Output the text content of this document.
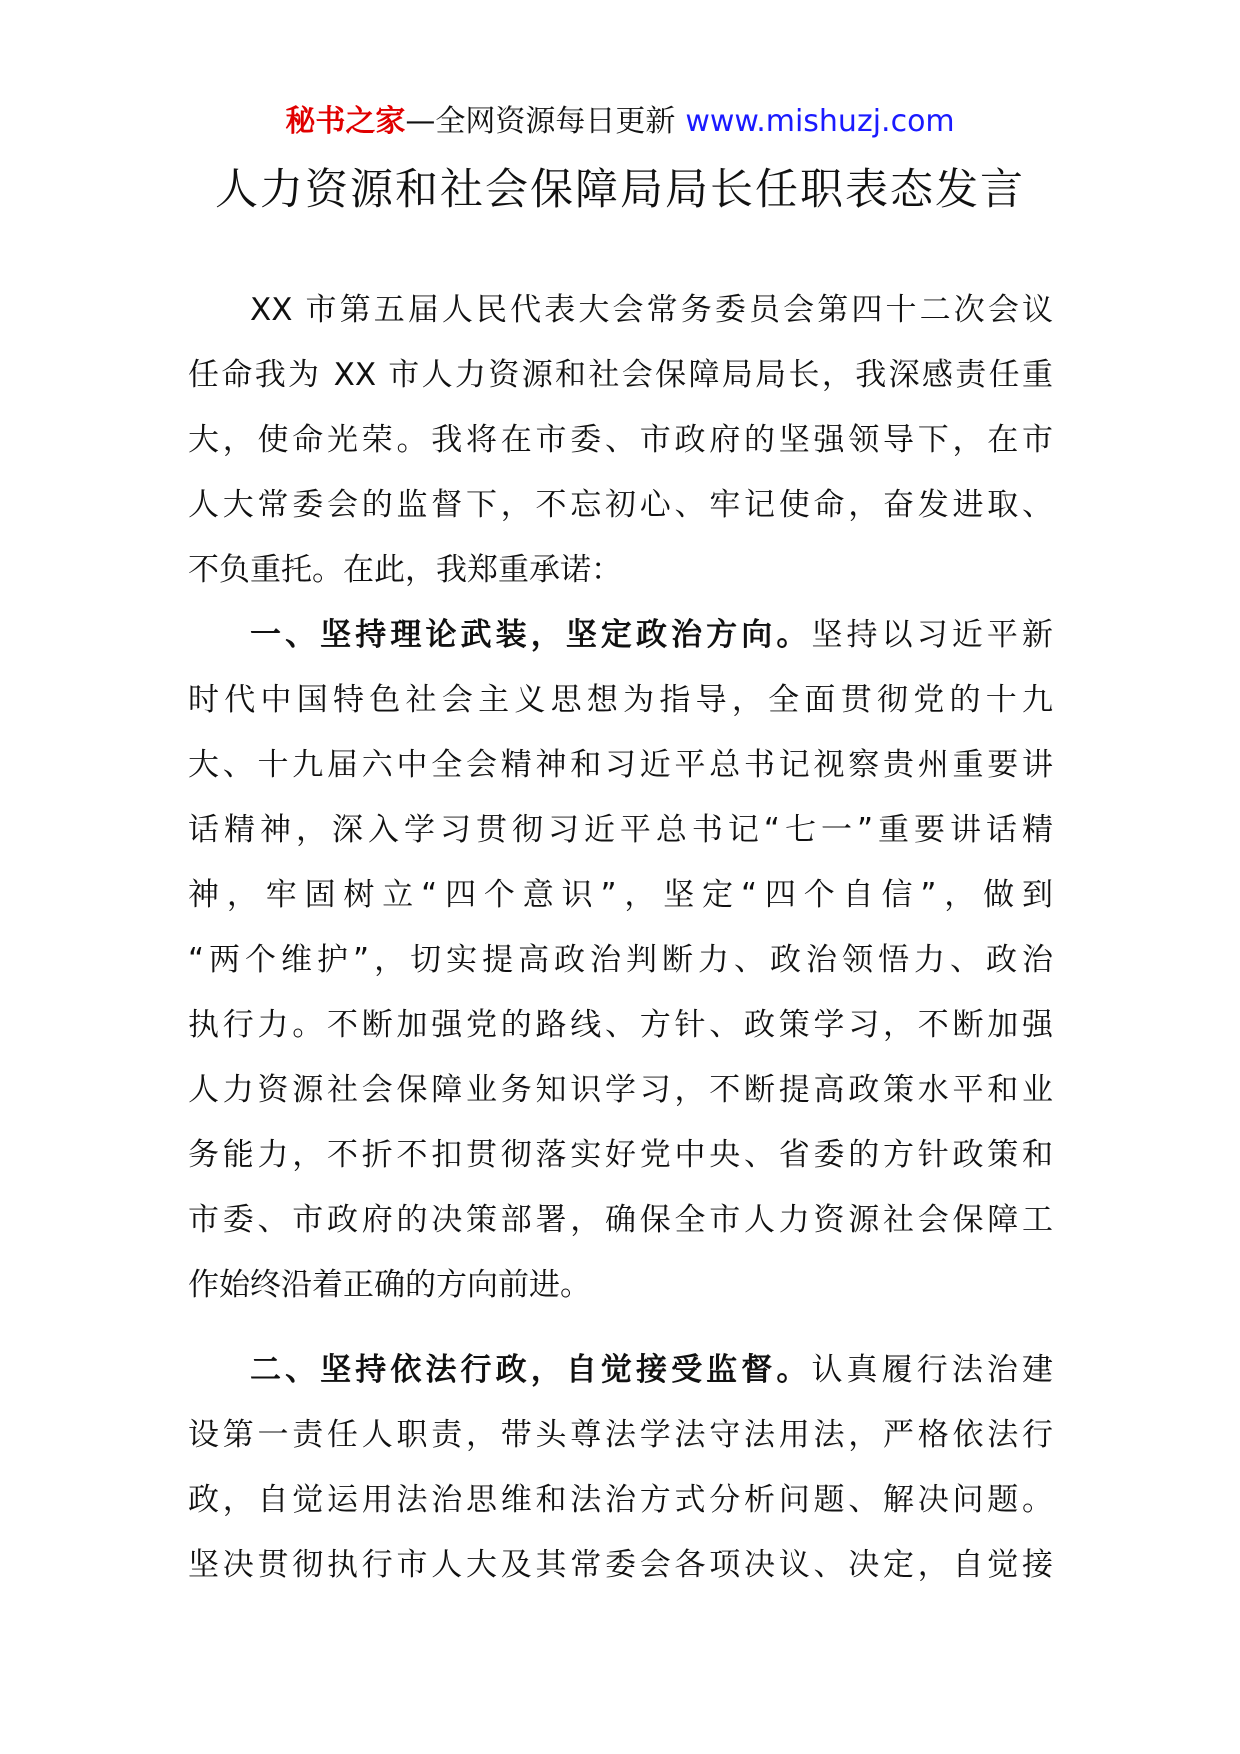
秘书之家—全网资源每日更新 www.mishuzj.com
人力资源和社会保障局局长任职表态发言
XX 市第五届人民代表大会常务委员会第四十二次会议
任命我为 XX 市人力资源和社会保障局局长，我深感责任重
大，使命光荣。我将在市委、市政府的坚强领导下，在市
人大常委会的监督下，不忘初心、牢记使命，奋发进取、
不负重托。在此，我郑重承诺：
一、坚持理论武装，坚定政治方向。坚持以习近平新
时代中国特色社会主义思想为指导，全面贯彻党的十九
大、十九届六中全会精神和习近平总书记视察贵州重要讲
话精神，深入学习贯彻习近平总书记“七一”重要讲话精
神，牢固树立“四个意识”，坚定“四个自信”，做到
“两个维护”，切实提高政治判断力、政治领悟力、政治
执行力。不断加强党的路线、方针、政策学习，不断加强
人力资源社会保障业务知识学习，不断提高政策水平和业
务能力，不折不扣贯彻落实好党中央、省委的方针政策和
市委、市政府的决策部署，确保全市人力资源社会保障工
作始终沿着正确的方向前进。
二、坚持依法行政，自觉接受监督。认真履行法治建
设第一责任人职责，带头尊法学法守法用法，严格依法行
政，自觉运用法治思维和法治方式分析问题、解决问题。
坚决贯彻执行市人大及其常委会各项决议、决定，自觉接
